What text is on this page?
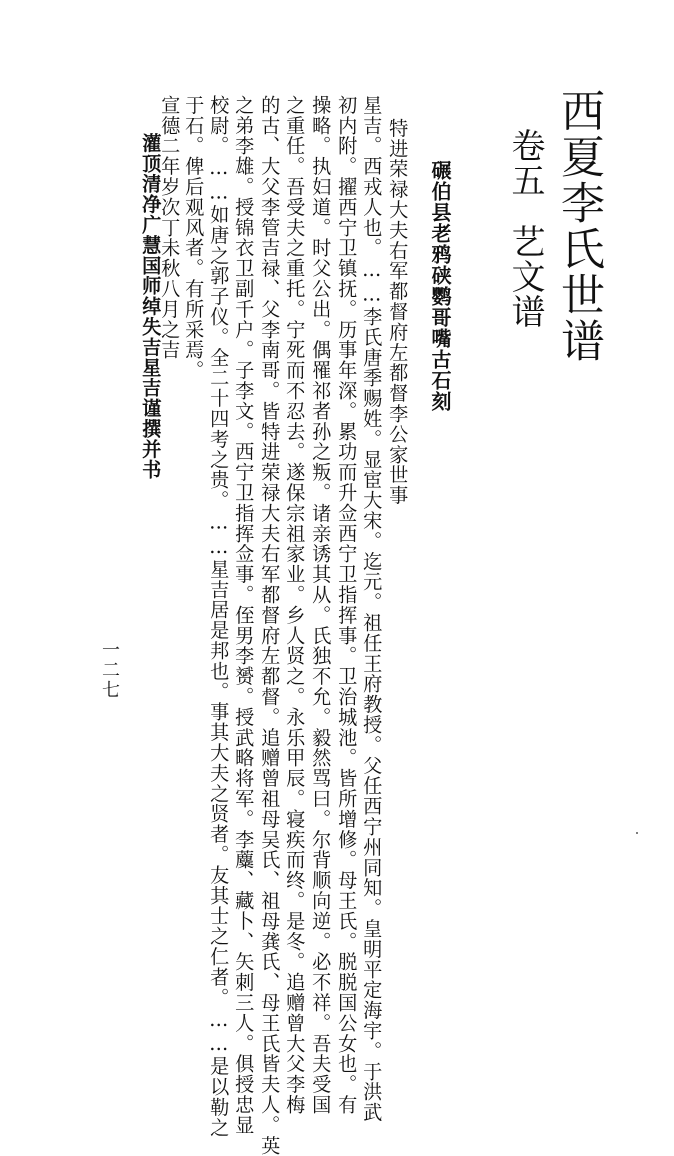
西夏李氏世谱
卷五艺文谱
碾伯县老鸦硖鹦哥嘴古石刻
特进荣禄大夫右军都督府左都督李公家世事
星吉。西戎人也。……李氏唐季赐姓。显宦大宋。迄元。祖任王府教授。父任西宁州同知。皇明平定海宇。于洪武
初内附。擢西宁卫镇抚。历事年深。累功而升佥西宁卫指挥事。卫治城池。皆所增修。母王氏。脱脱国公女也。有
操略。执妇道。时父公出。偶罹祁者孙之叛。诸亲诱其从。氏独不允。毅然骂曰。尔背顺向逆。必不祥。吾夫受国
之重任。吾受夫之重托。宁死而不忍去。遂保宗祖家业。乡人贤之。永乐甲辰。寝疾而终。是冬。追赠曾大父李梅
的古、大父李管吉禄、父李南哥。皆特进荣禄大夫右军都督府左都督。追赠曾祖母吴氏、祖母龚氏、母王氏皆夫人。英
之弟李雄。授锦衣卫副千户。子李文。西宁卫指挥佥事。侄男李赟。授武略将军。李蘪、藏卜、矢刺三人。俱授忠显
校尉。……如唐之郭子仪。全二十四考之贵。……星吉居是邦也。事其大夫之贤者。友其士之仁者。……是以勒之
于石。俾后观风者。有所采焉。
宣德二年岁次丁未秋八月之吉
灌顶清净广慧国师绰失吉星吉谨撰并书
一二七
